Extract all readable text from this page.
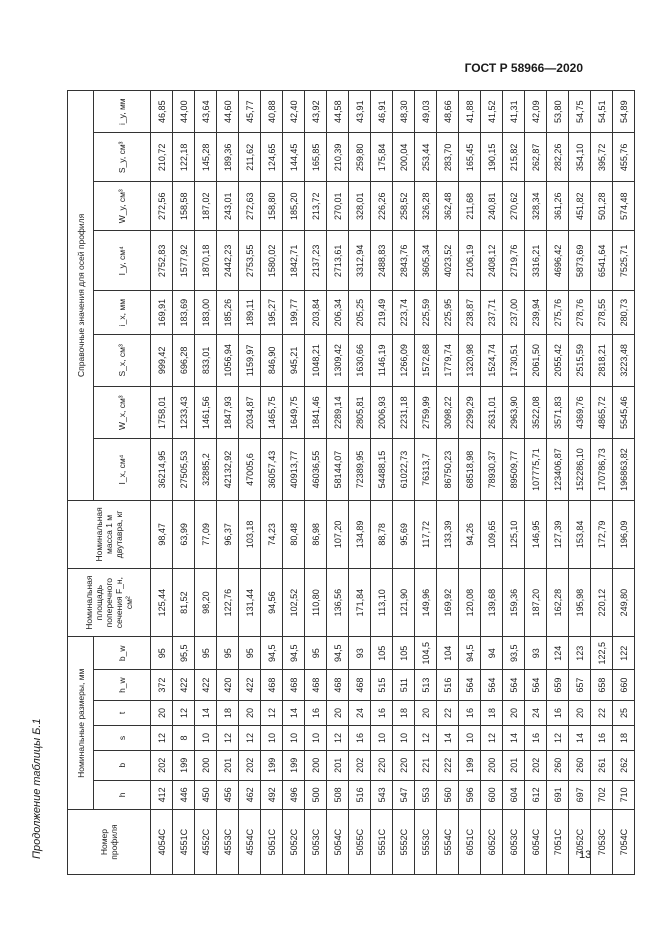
ГОСТ Р 58966—2020
Продолжение таблицы Б.1	13
Номер профиля	Номинальные размеры, мм						Номинальная площадь поперечного сечения F_н, см²	Номинальная масса 1 м двутавра, кг	Справочные значения для осей профиля							
	h	b	s	t	h_w	b_w			I_x, см⁴	W_x, см³	S_x, см³	i_x, мм	I_y, см⁴	W_y, см³	S_y, см³	i_y, мм
4054С	412	202	12	20	372	95	125,44	98,47	36214,95	1758,01	999,42	169,91	2752,83	272,56	210,72	46,85
4551С	446	199	8	12	422	95,5	81,52	63,99	27505,53	1233,43	696,28	183,69	1577,92	158,58	122,18	44,00
4552С	450	200	10	14	422	95	98,20	77,09	32885,2	1461,56	833,01	183,00	1870,18	187,02	145,28	43,64
4553С	456	201	12	18	420	95	122,76	96,37	42132,92	1847,93	1056,94	185,26	2442,23	243,01	189,36	44,60
4554С	462	202	12	20	422	95	131,44	103,18	47005,6	2034,87	1159,97	189,11	2753,55	272,63	211,62	45,77
5051С	492	199	10	12	468	94,5	94,56	74,23	36057,43	1465,75	846,90	195,27	1580,02	158,80	124,65	40,88
5052С	496	199	10	14	468	94,5	102,52	80,48	40913,77	1649,75	945,21	199,77	1842,71	185,20	144,45	42,40
5053С	500	200	10	16	468	95	110,80	86,98	46036,55	1841,46	1048,21	203,84	2137,23	213,72	165,85	43,92
5054С	508	201	12	20	468	94,5	136,56	107,20	58144,07	2289,14	1309,42	206,34	2713,61	270,01	210,39	44,58
5055С	516	202	16	24	468	93	171,84	134,89	72389,95	2805,81	1630,66	205,25	3312,94	328,01	259,80	43,91
5551С	543	220	10	16	515	105	113,10	88,78	54488,15	2006,93	1146,19	219,49	2488,83	226,26	175,84	46,91
5552С	547	220	10	18	511	105	121,90	95,69	61022,73	2231,18	1266,09	223,74	2843,76	258,52	200,04	48,30
5553С	553	221	12	20	513	104,5	149,96	117,72	76313,7	2759,99	1572,68	225,59	3605,34	326,28	253,44	49,03
5554С	560	222	14	22	516	104	169,92	133,39	86750,23	3098,22	1779,74	225,95	4023,52	362,48	283,70	48,66
6051С	596	199	10	16	564	94,5	120,08	94,26	68518,98	2299,29	1320,98	238,87	2106,19	211,68	165,45	41,88
6052С	600	200	12	18	564	94	139,68	109,65	78930,37	2631,01	1524,74	237,71	2408,12	240,81	190,15	41,52
6053С	604	201	14	20	564	93,5	159,36	125,10	89509,77	2963,90	1730,51	237,00	2719,76	270,62	215,82	41,31
6054С	612	202	16	24	564	93	187,20	146,95	107775,71	3522,08	2061,50	239,94	3316,21	328,34	262,87	42,09
7051С	691	260	12	16	659	124	162,28	127,39	123406,87	3571,83	2055,42	275,76	4696,42	361,26	282,26	53,80
7052С	697	260	14	20	657	123	195,98	153,84	152286,10	4369,76	2515,59	278,76	5873,69	451,82	354,10	54,75
7053С	702	261	16	22	658	122,5	220,12	172,79	170786,73	4865,72	2818,21	278,55	6541,64	501,28	395,72	54,51
7054С	710	262	18	25	660	122	249,80	196,09	196863,82	5545,46	3223,48	280,73	7525,71	574,48	455,76	54,89
